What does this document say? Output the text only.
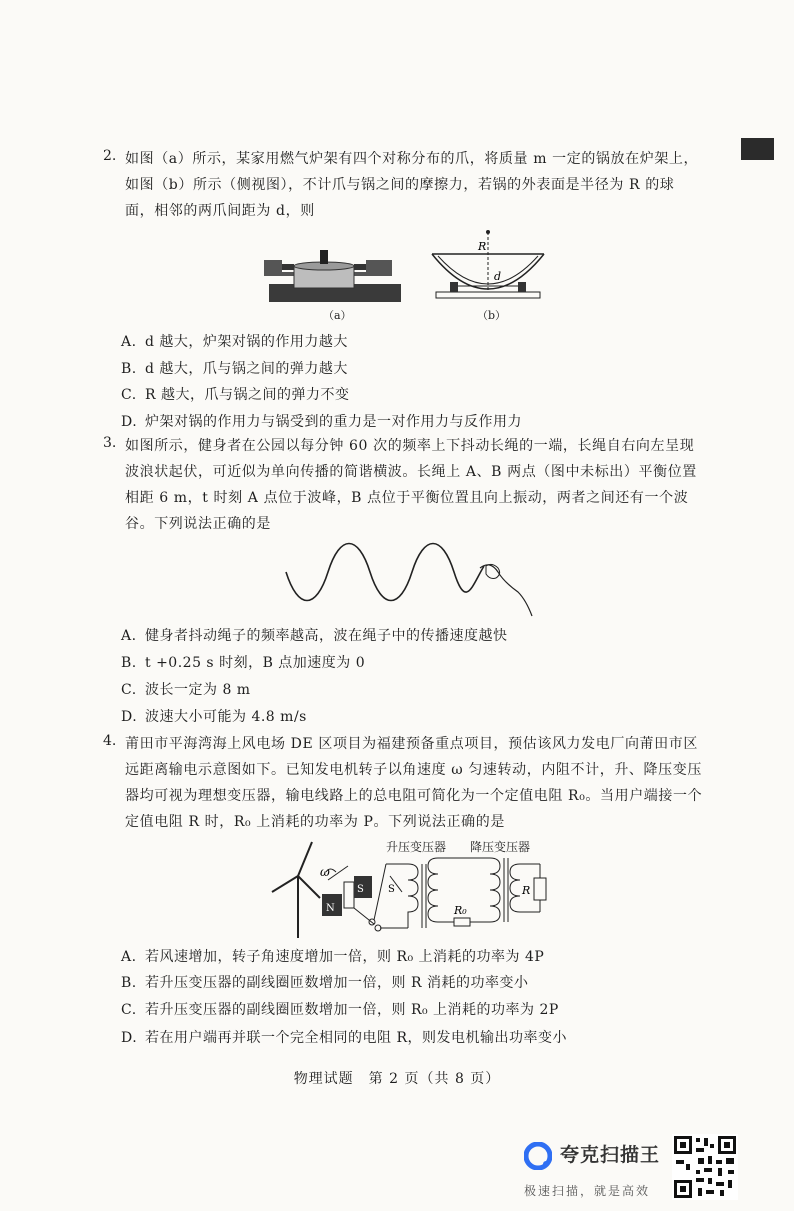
2. 如图（a）所示，某家用燃气炉架有四个对称分布的爪，将质量 m 一定的锅放在炉架上，如图（b）所示（侧视图），不计爪与锅之间的摩擦力，若锅的外表面是半径为 R 的球面，相邻的两爪间距为 d，则
（a）
R
d
（b）
A. d 越大，炉架对锅的作用力越大
B. d 越大，爪与锅之间的弹力越大
C. R 越大，爪与锅之间的弹力不变
D. 炉架对锅的作用力与锅受到的重力是一对作用力与反作用力
3. 如图所示，健身者在公园以每分钟 60 次的频率上下抖动长绳的一端，长绳自右向左呈现波浪状起伏，可近似为单向传播的简谐横波。长绳上 A、B 两点（图中未标出）平衡位置相距 6 m，t 时刻 A 点位于波峰，B 点位于平衡位置且向上振动，两者之间还有一个波谷。下列说法正确的是
A. 健身者抖动绳子的频率越高，波在绳子中的传播速度越快
B. t +0.25 s 时刻，B 点加速度为 0
C. 波长一定为 8 m
D. 波速大小可能为 4.8 m/s
4. 莆田市平海湾海上风电场 DE 区项目为福建预备重点项目，预估该风力发电厂向莆田市区远距离输电示意图如下。已知发电机转子以角速度 ω 匀速转动，内阻不计，升、降压变压器均可视为理想变压器，输电线路上的总电阻可简化为一个定值电阻 R₀。当用户端接一个定值电阻 R 时，R₀ 上消耗的功率为 P。下列说法正确的是
ω
S
N
S
R₀
R
升压变压器 降压变压器
A. 若风速增加，转子角速度增加一倍，则 R₀ 上消耗的功率为 4P
B. 若升压变压器的副线圈匝数增加一倍，则 R 消耗的功率变小
C. 若升压变压器的副线圈匝数增加一倍，则 R₀ 上消耗的功率为 2P
D. 若在用户端再并联一个完全相同的电阻 R，则发电机输出功率变小
物理试题　第 2 页（共 8 页）
夸克扫描王
极速扫描，就是高效
